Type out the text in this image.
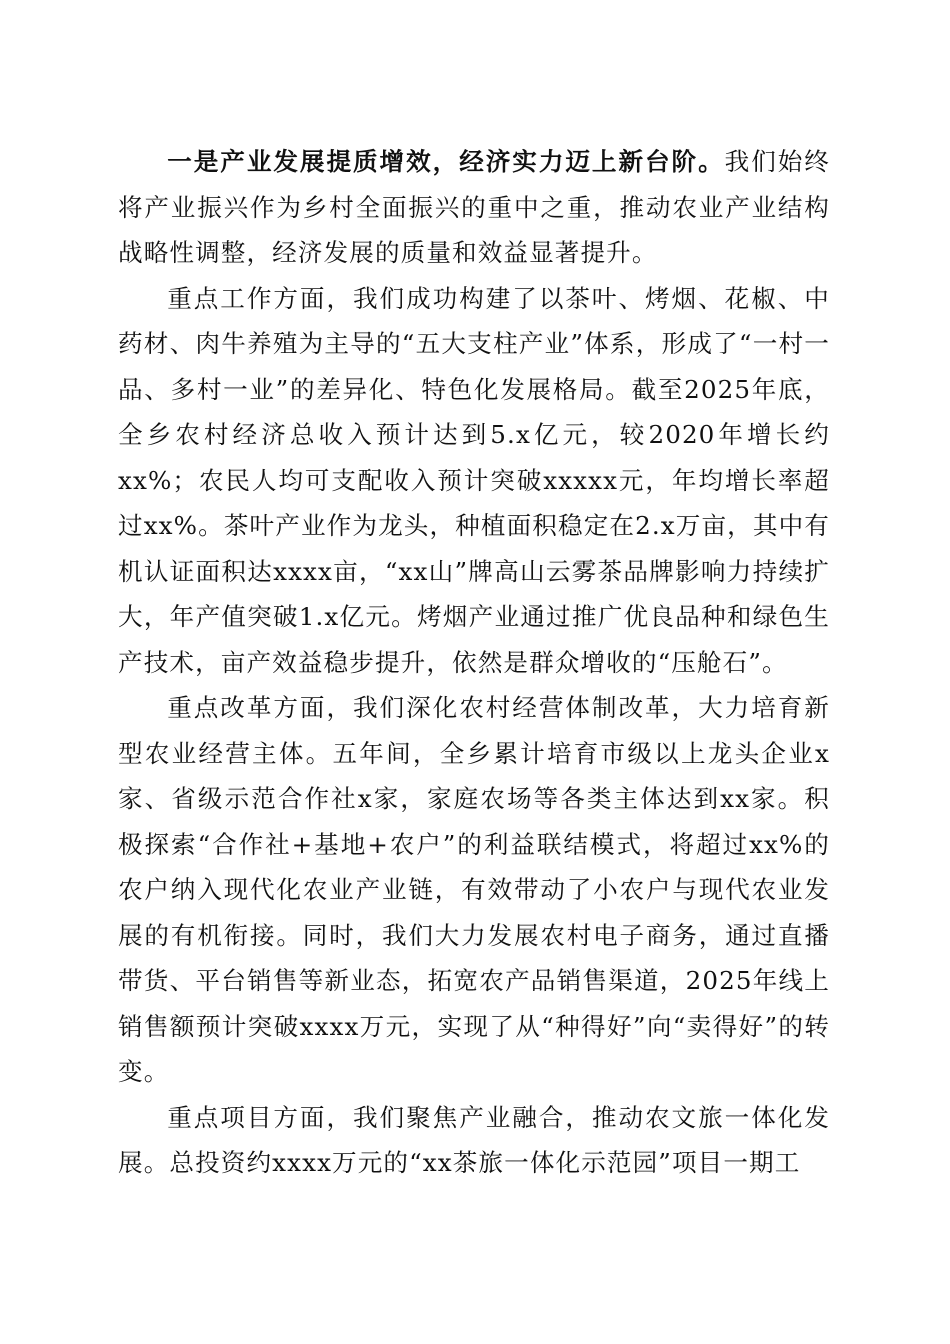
一是产业发展提质增效，经济实力迈上新台阶。我们始终将产业振兴作为乡村全面振兴的重中之重，推动农业产业结构战略性调整，经济发展的质量和效益显著提升。

重点工作方面，我们成功构建了以茶叶、烤烟、花椒、中药材、肉牛养殖为主导的“五大支柱产业”体系，形成了“一村一品、多村一业”的差异化、特色化发展格局。截至2025年底，全乡农村经济总收入预计达到5.x亿元，较2020年增长约xx%；农民人均可支配收入预计突破xxxxx元，年均增长率超过xx%。茶叶产业作为龙头，种植面积稳定在2.x万亩，其中有机认证面积达xxxx亩，“xx山”牌高山云雾茶品牌影响力持续扩大，年产值突破1.x亿元。烤烟产业通过推广优良品种和绿色生产技术，亩产效益稳步提升，依然是群众增收的“压舱石”。

重点改革方面，我们深化农村经营体制改革，大力培育新型农业经营主体。五年间，全乡累计培育市级以上龙头企业x家、省级示范合作社x家，家庭农场等各类主体达到xx家。积极探索“合作社+基地+农户”的利益联结模式，将超过xx%的农户纳入现代化农业产业链，有效带动了小农户与现代农业发展的有机衔接。同时，我们大力发展农村电子商务，通过直播带货、平台销售等新业态，拓宽农产品销售渠道，2025年线上销售额预计突破xxxx万元，实现了从“种得好”向“卖得好”的转变。

重点项目方面，我们聚焦产业融合，推动农文旅一体化发展。总投资约xxxx万元的“xx茶旅一体化示范园”项目一期工
